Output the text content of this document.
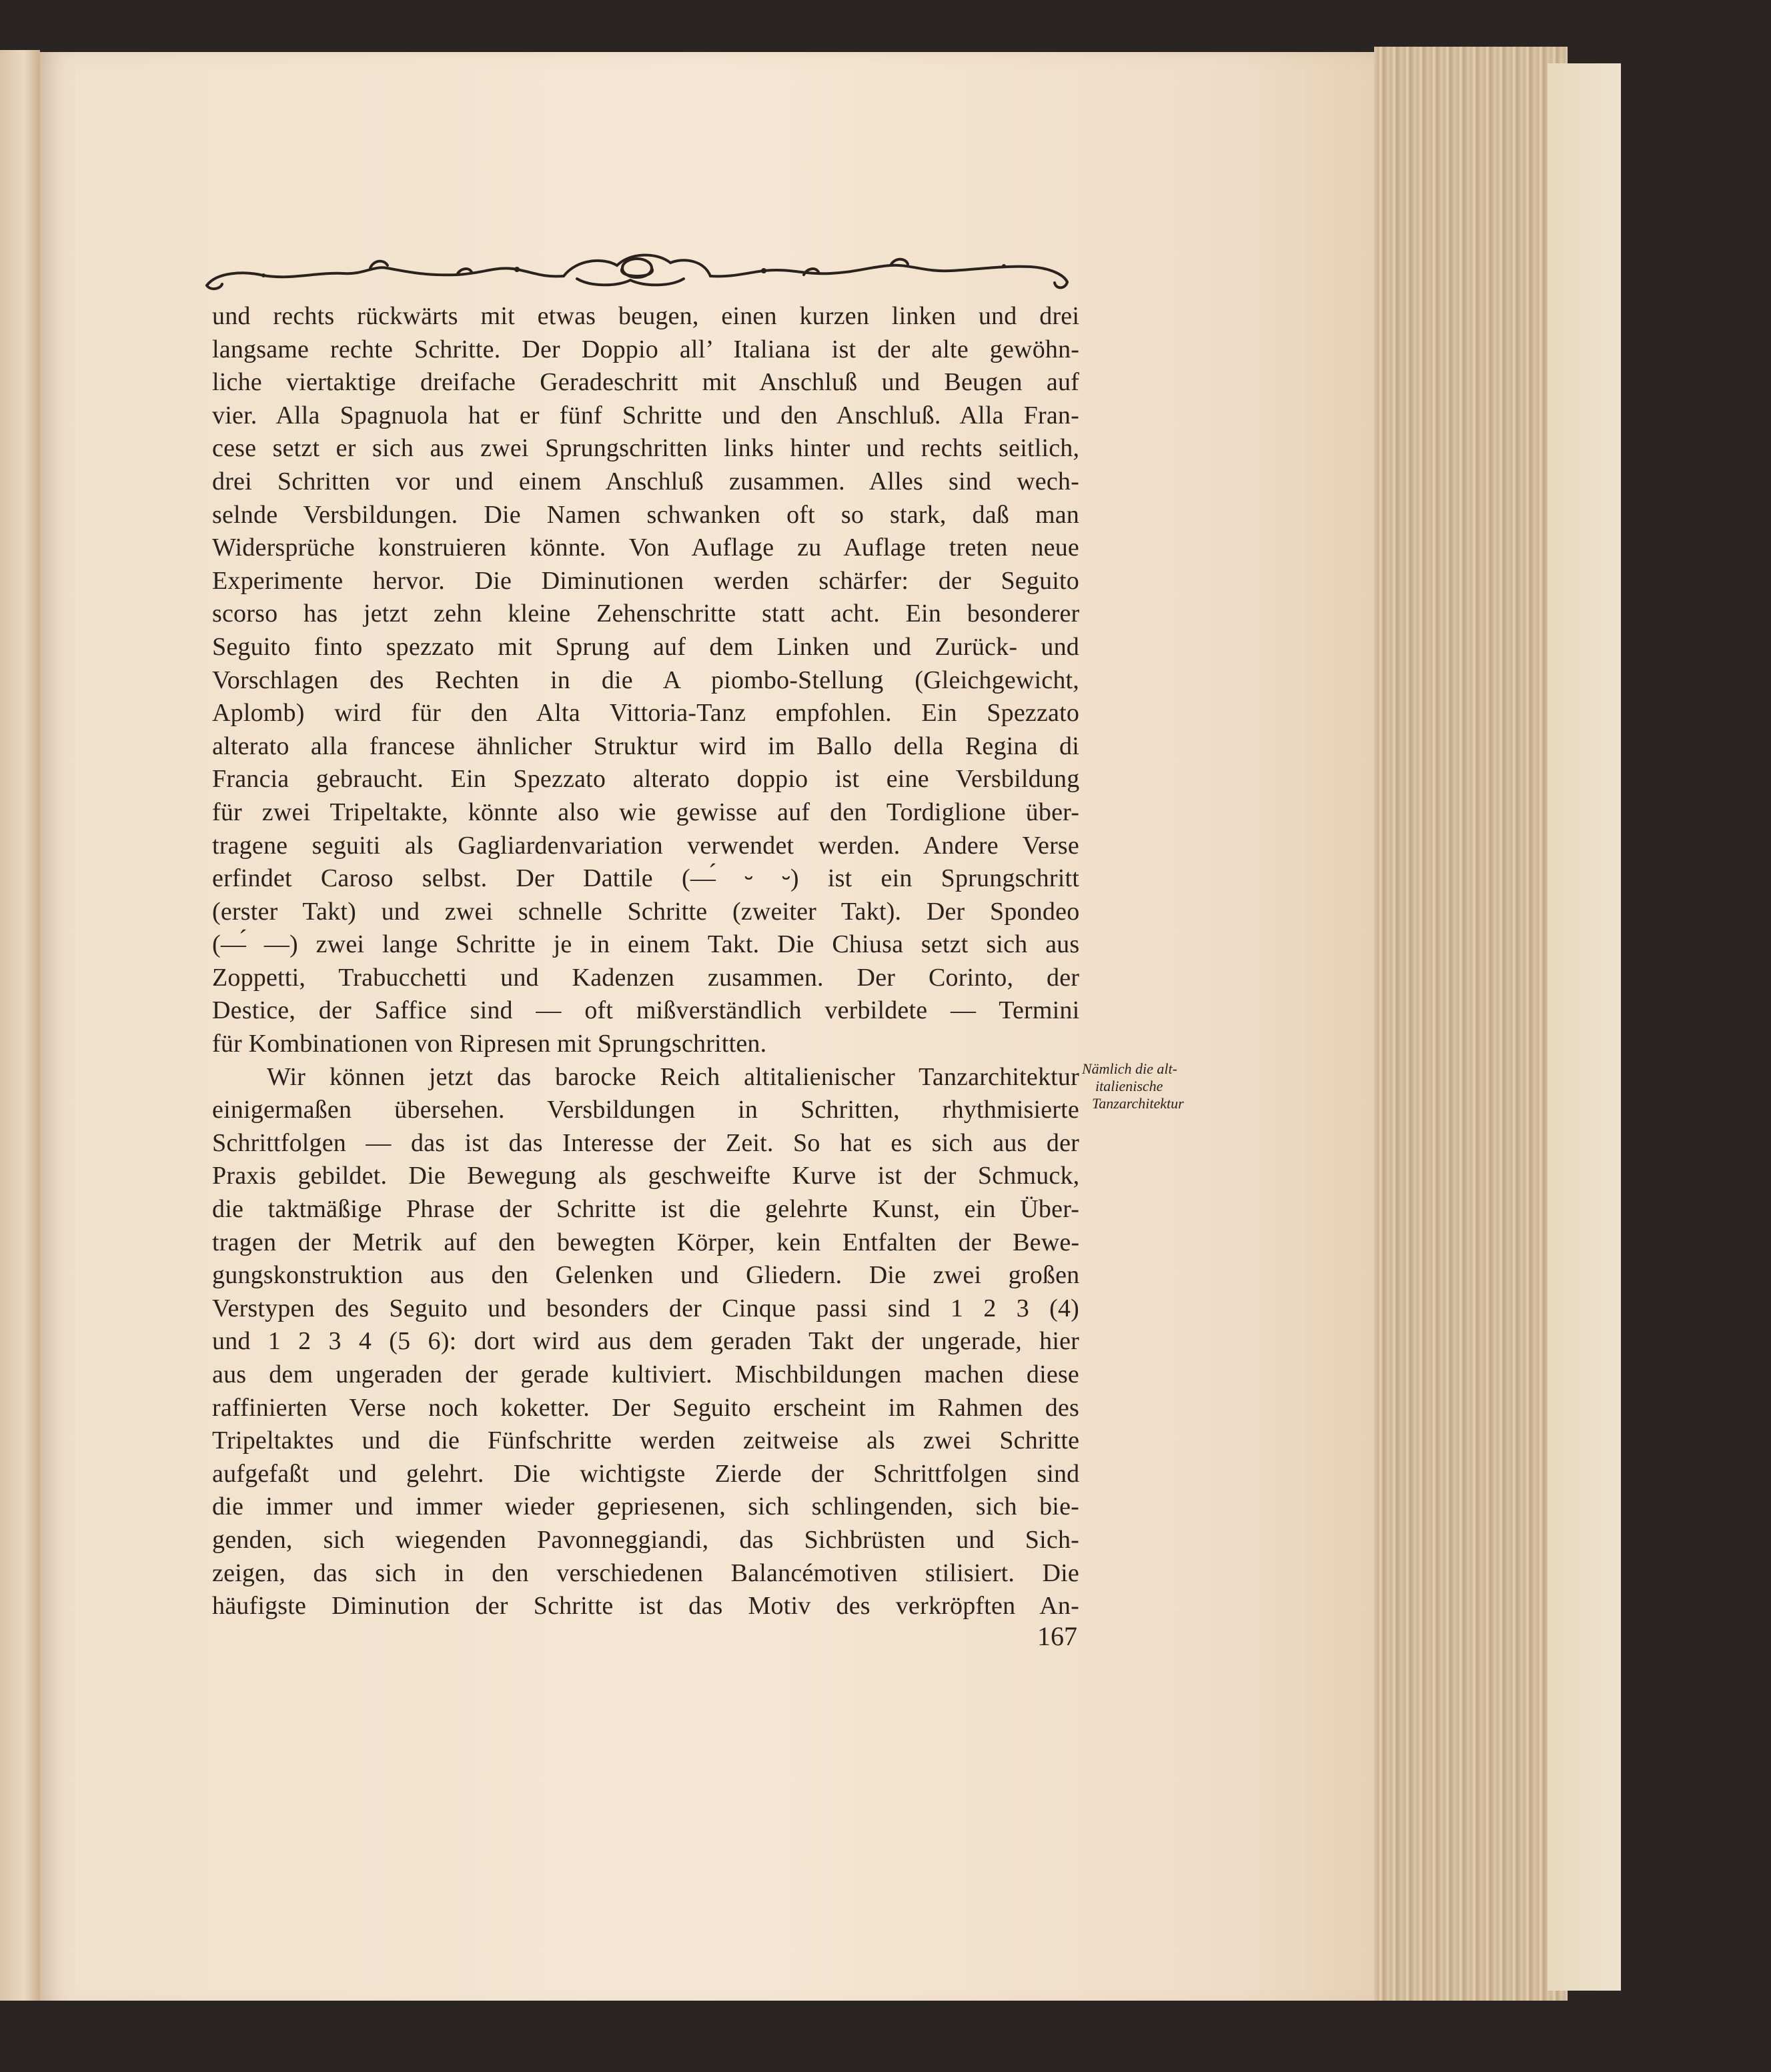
und rechts rückwärts mit etwas beugen, einen kurzen linken und drei
langsame rechte Schritte. Der Doppio all’ Italiana ist der alte gewöhn-
liche viertaktige dreifache Geradeschritt mit Anschluß und Beugen auf
vier. Alla Spagnuola hat er fünf Schritte und den Anschluß. Alla Fran-
cese setzt er sich aus zwei Sprungschritten links hinter und rechts seitlich,
drei Schritten vor und einem Anschluß zusammen. Alles sind wech-
selnde Versbildungen. Die Namen schwanken oft so stark, daß man
Widersprüche konstruieren könnte. Von Auflage zu Auflage treten neue
Experimente hervor. Die Diminutionen werden schärfer: der Seguito
scorso has jetzt zehn kleine Zehenschritte statt acht. Ein besonderer
Seguito finto spezzato mit Sprung auf dem Linken und Zurück- und
Vorschlagen des Rechten in die A piombo-Stellung (Gleichgewicht,
Aplomb) wird für den Alta Vittoria-Tanz empfohlen. Ein Spezzato
alterato alla francese ähnlicher Struktur wird im Ballo della Regina di
Francia gebraucht. Ein Spezzato alterato doppio ist eine Versbildung
für zwei Tripeltakte, könnte also wie gewisse auf den Tordiglione über-
tragene seguiti als Gagliardenvariation verwendet werden. Andere Verse
erfindet Caroso selbst. Der Dattile (—́ ⏑ ⏑) ist ein Sprungschritt
(erster Takt) und zwei schnelle Schritte (zweiter Takt). Der Spondeo
(—́ —) zwei lange Schritte je in einem Takt. Die Chiusa setzt sich aus
Zoppetti, Trabucchetti und Kadenzen zusammen. Der Corinto, der
Destice, der Saffice sind — oft mißverständlich verbildete — Termini
für Kombinationen von Ripresen mit Sprungschritten.
Wir können jetzt das barocke Reich altitalienischer Tanzarchitektur
einigermaßen übersehen. Versbildungen in Schritten, rhythmisierte
Schrittfolgen — das ist das Interesse der Zeit. So hat es sich aus der
Praxis gebildet. Die Bewegung als geschweifte Kurve ist der Schmuck,
die taktmäßige Phrase der Schritte ist die gelehrte Kunst, ein Über-
tragen der Metrik auf den bewegten Körper, kein Entfalten der Bewe-
gungskonstruktion aus den Gelenken und Gliedern. Die zwei großen
Verstypen des Seguito und besonders der Cinque passi sind 1 2 3 (4)
und 1 2 3 4 (5 6): dort wird aus dem geraden Takt der ungerade, hier
aus dem ungeraden der gerade kultiviert. Mischbildungen machen diese
raffinierten Verse noch koketter. Der Seguito erscheint im Rahmen des
Tripeltaktes und die Fünfschritte werden zeitweise als zwei Schritte
aufgefaßt und gelehrt. Die wichtigste Zierde der Schrittfolgen sind
die immer und immer wieder gepriesenen, sich schlingenden, sich bie-
genden, sich wiegenden Pavonneggiandi, das Sichbrüsten und Sich-
zeigen, das sich in den verschiedenen Balancémotiven stilisiert. Die
häufigste Diminution der Schritte ist das Motiv des verkröpften An-
Nämlich die alt-
italienische
Tanzarchitektur
167
